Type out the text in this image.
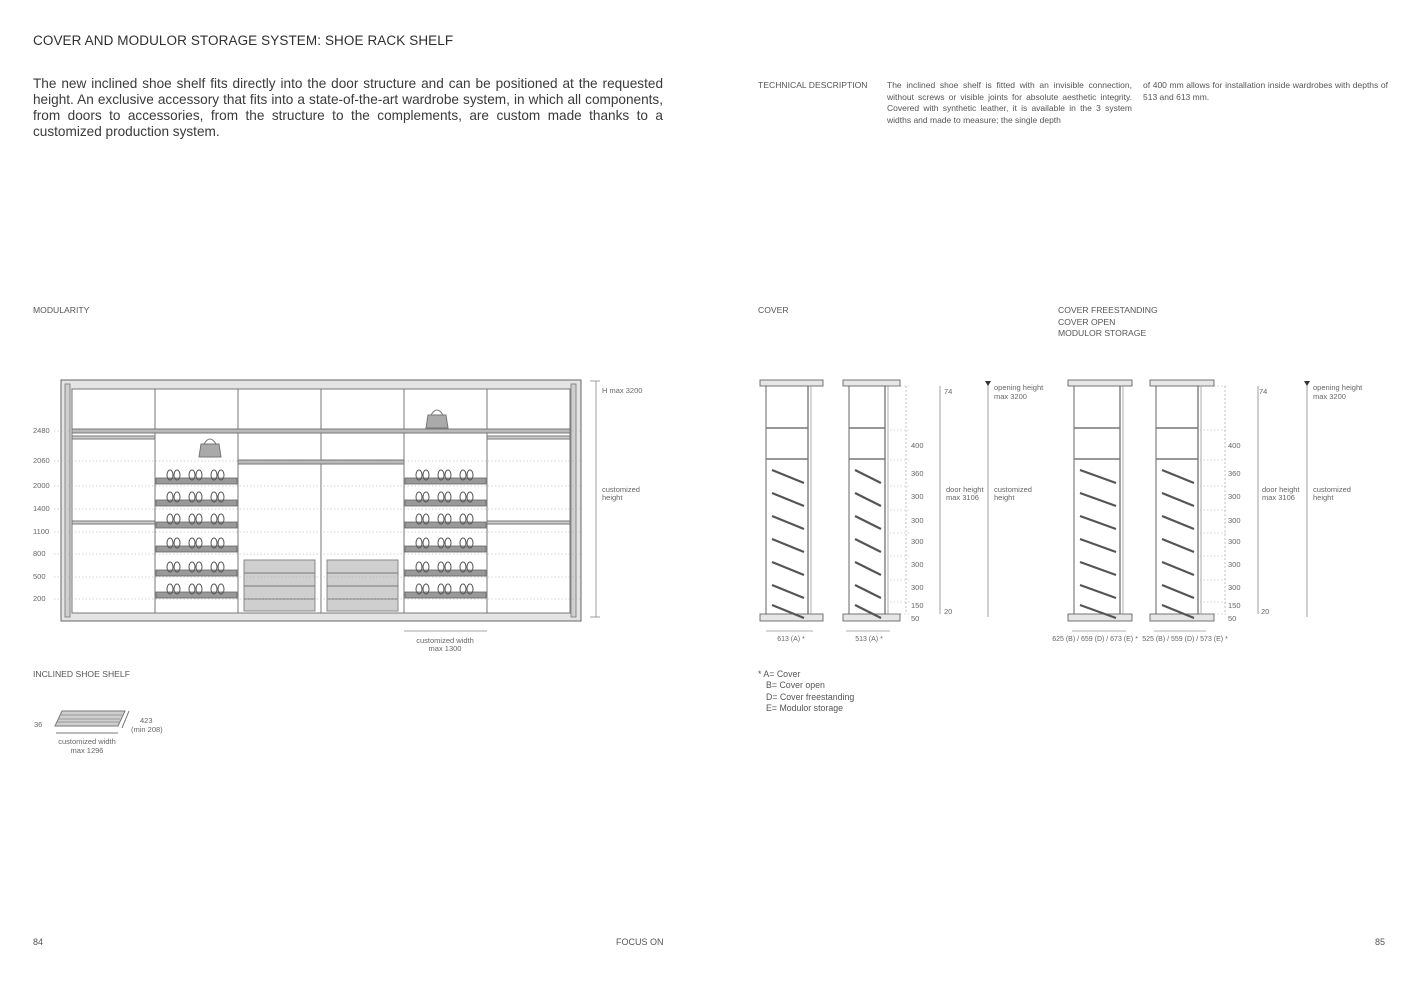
COVER AND MODULOR STORAGE SYSTEM: SHOE RACK SHELF
The new inclined shoe shelf fits directly into the door structure and can be positioned at the requested height. An exclusive accessory that fits into a state-of-the-art wardrobe system, in which all components, from doors to accessories, from the structure to the complements, are custom made thanks to a customized production system.
TECHNICAL DESCRIPTION The inclined shoe shelf is fitted with an invisible connection, without screws or visible joints for absolute aesthetic integrity. Covered with synthetic leather, it is available in the 3 system widths and made to measure; the single depth
of 400 mm allows for installation inside wardrobes with depths of 513 and 613 mm.
MODULARITY	COVER	COVER FREESTANDING
COVER OPEN
MODULOR STORAGE
INCLINED SHOE SHELF
2480
2060
2000
1400
1100
800
500
200
H max 3200
customized
height
customized width
max 1300
36	423
(min 208)
customized width
max 1296
74
400
360
300
300
300
300
300
150
50
20
door height
max 3106
opening height
max 3200
customized
height
613 (A) *	513 (A) *
74
400
360
300
300
300
300
300
150
50
20
door height
max 3106
opening height
max 3200
customized
height
625 (B) / 659 (D) / 673 (E) * 525 (B) / 559 (D) / 573 (E) *
* A= Cover
B= Cover open
D= Cover freestanding
E= Modulor storage
84	FOCUS ON	85
